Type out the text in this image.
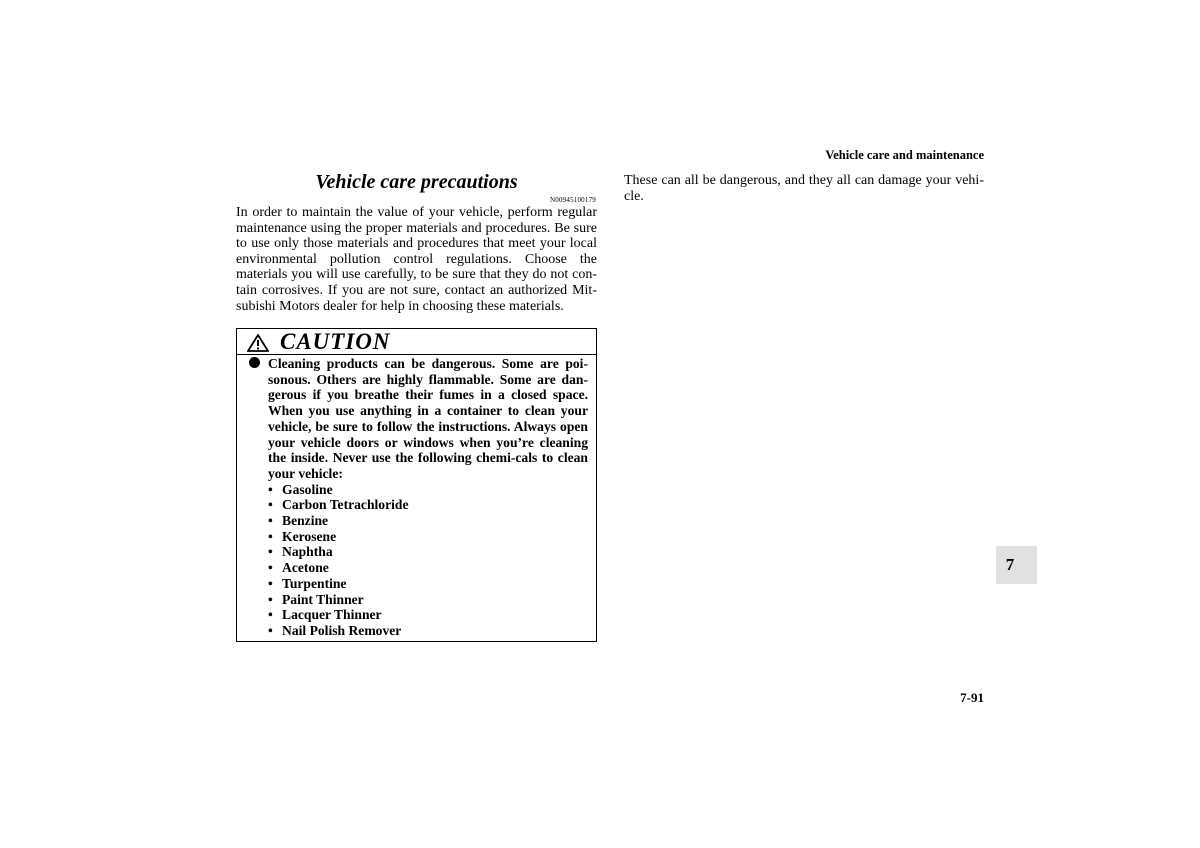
Vehicle care and maintenance
Vehicle care precautions
N00945100179

In order to maintain the value of your vehicle, perform regular maintenance using the proper materials and procedures. Be sure to use only those materials and procedures that meet your local environmental pollution control regulations. Choose the materials you will use carefully, to be sure that they do not con-tain corrosives. If you are not sure, contact an authorized Mit-subishi Motors dealer for help in choosing these materials.

CAUTION
Cleaning products can be dangerous. Some are poi-sonous. Others are highly flammable. Some are dan-gerous if you breathe their fumes in a closed space. When you use anything in a container to clean your vehicle, be sure to follow the instructions. Always open your vehicle doors or windows when you’re cleaning the inside. Never use the following chemi-cals to clean your vehicle:
• Gasoline
• Carbon Tetrachloride
• Benzine
• Kerosene
• Naphtha
• Acetone
• Turpentine
• Paint Thinner
• Lacquer Thinner
• Nail Polish Remover

These can all be dangerous, and they all can damage your vehi-cle.

7
7-91
